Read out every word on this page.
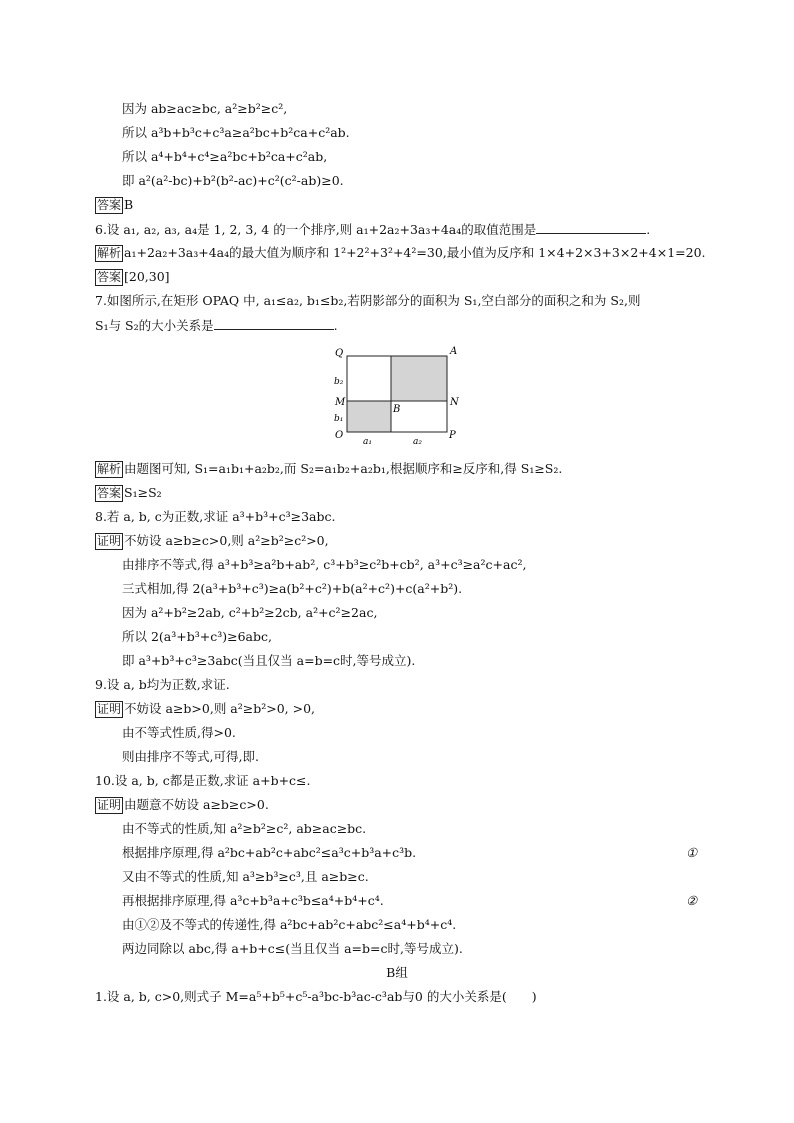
因为 ab≥ac≥bc, a²≥b²≥c²,
所以 a³b+b³c+c³a≥a²bc+b²ca+c²ab.
所以 a⁴+b⁴+c⁴≥a²bc+b²ca+c²ab,
即 a²(a²-bc)+b²(b²-ac)+c²(c²-ab)≥0.
答案 B
6.设 a₁, a₂, a₃, a₄是 1, 2, 3, 4 的一个排序,则 a₁+2a₂+3a₃+4a₄的取值范围是	.
解析 a₁+2a₂+3a₃+4a₄的最大值为顺序和 1²+2²+3²+4²=30,最小值为反序和 1×4+2×3+3×2+4×1=20.
答案 [20,30]
7.如图所示,在矩形 OPAQ 中, a₁≤a₂, b₁≤b₂,若阴影部分的面积为 S₁,空白部分的面积之和为 S₂,则
S₁与 S₂的大小关系是	.
Q	A
M	N
O	P
B
b₂
b₁
a₁	a₂
解析 由题图可知, S₁=a₁b₁+a₂b₂,而 S₂=a₁b₂+a₂b₁,根据顺序和≥反序和,得 S₁≥S₂.
答案 S₁≥S₂
8.若 a, b, c为正数,求证 a³+b³+c³≥3abc.
证明 不妨设 a≥b≥c>0,则 a²≥b²≥c²>0,
由排序不等式,得 a³+b³≥a²b+ab², c³+b³≥c²b+cb², a³+c³≥a²c+ac²,
三式相加,得 2(a³+b³+c³)≥a(b²+c²)+b(a²+c²)+c(a²+b²).
因为 a²+b²≥2ab, c²+b²≥2cb, a²+c²≥2ac,
所以 2(a³+b³+c³)≥6abc,
即 a³+b³+c³≥3abc(当且仅当 a=b=c时,等号成立).
9.设 a, b均为正数,求证.
证明 不妨设 a≥b>0,则 a²≥b²>0, >0,
由不等式性质,得>0.
则由排序不等式,可得,即.
10.设 a, b, c都是正数,求证 a+b+c≤.
证明 由题意不妨设 a≥b≥c>0.
由不等式的性质,知 a²≥b²≥c², ab≥ac≥bc.
根据排序原理,得 a²bc+ab²c+abc²≤a³c+b³a+c³b.	①
又由不等式的性质,知 a³≥b³≥c³,且 a≥b≥c.
再根据排序原理,得 a³c+b³a+c³b≤a⁴+b⁴+c⁴.	②
由①②及不等式的传递性,得 a²bc+ab²c+abc²≤a⁴+b⁴+c⁴.
两边同除以 abc,得 a+b+c≤(当且仅当 a=b=c时,等号成立).
B组
1.设 a, b, c>0,则式子 M=a⁵+b⁵+c⁵-a³bc-b³ac-c³ab与0 的大小关系是(　　)
